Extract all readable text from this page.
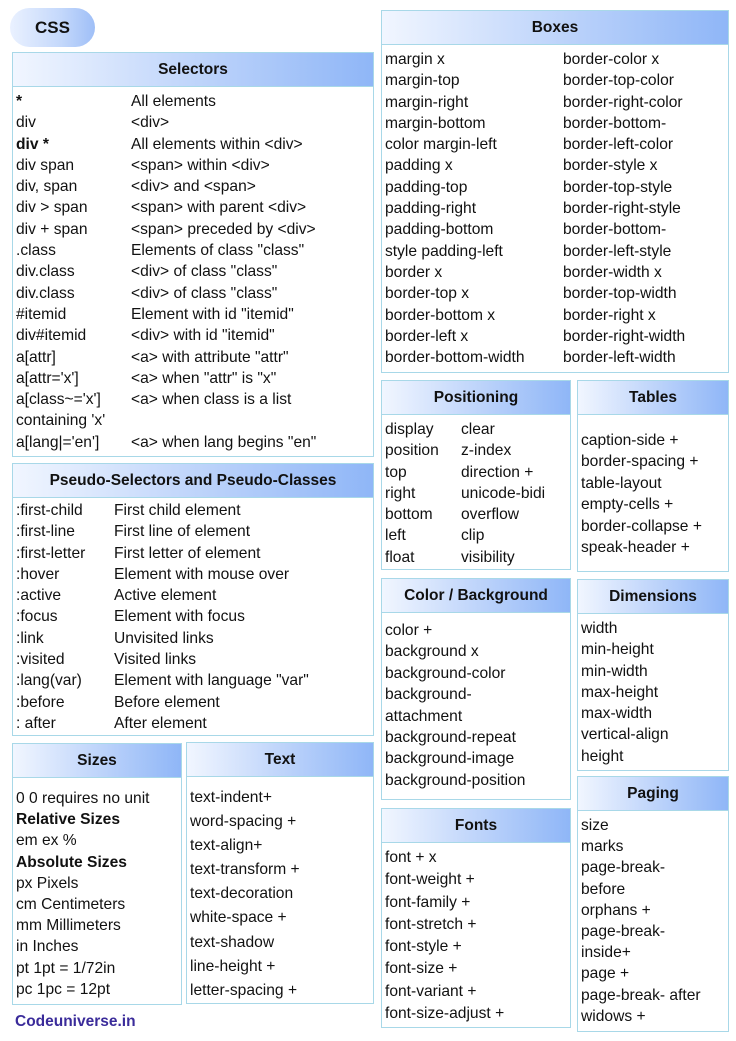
CSS
Selectors
*	All elements
div	<div>
div *	All elements within <div>
div span	<span> within <div>
div, span	<div> and <span>
div > span	<span> with parent <div>
div + span	<span> preceded by <div>
.class	Elements of class "class"
div.class	<div> of class "class"
div.class	<div> of class "class"
#itemid	Element with id "itemid"
div#itemid	<div> with id "itemid"
a[attr]	<a> with attribute "attr"
a[attr='x']	<a> when "attr" is "x"
a[class~='x'] <a> when class is a list
containing 'x'
a[lang|='en'] <a> when lang begins "en"
Pseudo-Selectors and Pseudo-Classes
:first-child First child element
:first-line	First line of element
:first-letter First letter of element
:hover	Element with mouse over
:active	Active element
:focus	Element with focus
:link	Unvisited links
:visited	Visited links
:lang(var) Element with language "var"
:before	Before element
: after	After element
Sizes
0 0 requires no unit
Relative Sizes
em ex %
Absolute Sizes
px Pixels
cm Centimeters
mm Millimeters
in Inches
pt 1pt = 1/72in
pc 1pc = 12pt
Text
text-indent+
word-spacing +
text-align+
text-transform +
text-decoration
white-space +
text-shadow
line-height +
letter-spacing +
Boxes
margin x	border-color x
margin-top	border-top-color
margin-right	border-right-color
margin-bottom	border-bottom-
color margin-left	border-left-color
padding x	border-style x
padding-top	border-top-style
padding-right	border-right-style
padding-bottom	border-bottom-
style padding-left	border-left-style
border x	border-width x
border-top x	border-top-width
border-bottom x	border-right x
border-left x	border-right-width
border-bottom-width border-left-width
Positioning
display clear
position z-index
top	direction +
right	unicode-bidi
bottom overflow
left	clip
float	visibility
Tables
caption-side +
border-spacing +
table-layout
empty-cells +
border-collapse +
speak-header +
Color / Background
color +
background x
background-color
background-
attachment
background-repeat
background-image
background-position
Dimensions
width
min-height
min-width
max-height
max-width
vertical-align
height
Fonts
font + x
font-weight +
font-family +
font-stretch +
font-style +
font-size +
font-variant +
font-size-adjust +
Paging
size
marks
page-break-
before
orphans +
page-break-
inside+
page +
page-break- after
widows +
Codeuniverse.in
